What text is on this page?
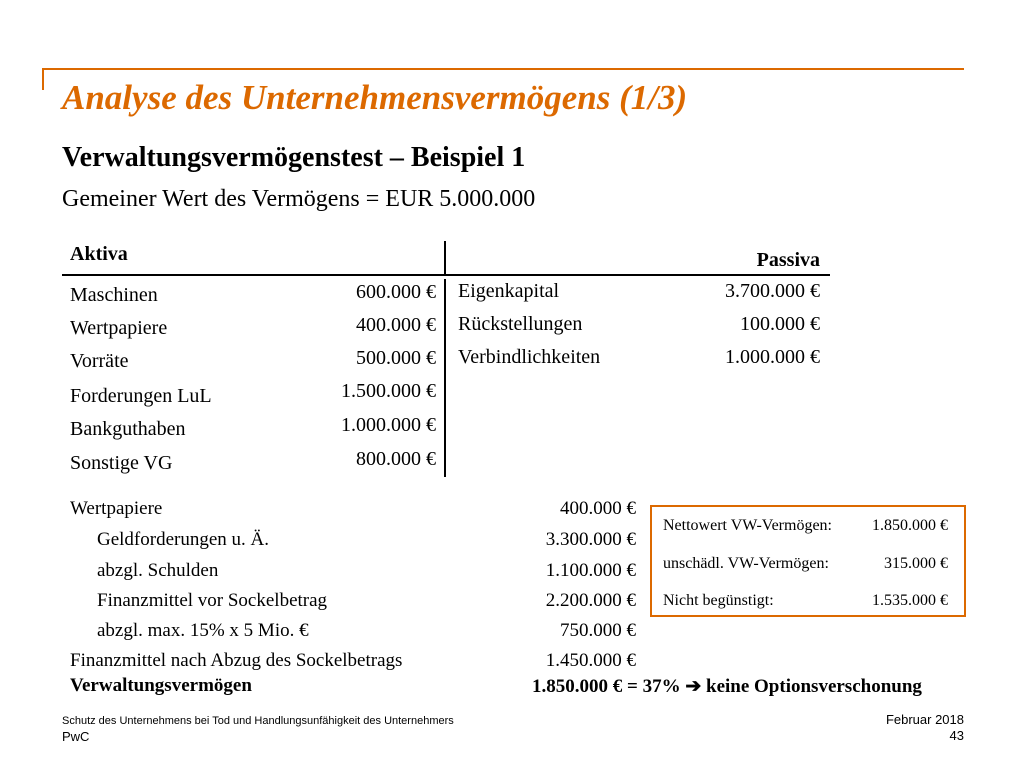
Analyse des Unternehmensvermögens (1/3)
Verwaltungsvermögenstest – Beispiel 1
Gemeiner Wert des Vermögens = EUR 5.000.000
Aktiva	Passiva
Maschinen	600.000 €
Wertpapiere	400.000 €
Vorräte	500.000 €
Forderungen LuL	1.500.000 €
Bankguthaben	1.000.000 €
Sonstige VG	800.000 €
Eigenkapital	3.700.000 €
Rückstellungen	100.000 €
Verbindlichkeiten	1.000.000 €
Wertpapiere	400.000 €
Geldforderungen u. Ä.	3.300.000 €
abzgl. Schulden	1.100.000 €
Finanzmittel vor Sockelbetrag	2.200.000 €
abzgl. max. 15% x 5 Mio. €	750.000 €
Finanzmittel nach Abzug des Sockelbetrags	1.450.000 €
Verwaltungsvermögen	1.850.000 € = 37% ➔ keine Optionsverschonung
Nettowert VW-Vermögen:	1.850.000 €
unschädl. VW-Vermögen:	315.000 €
Nicht begünstigt:	1.535.000 €
Schutz des Unternehmens bei Tod und Handlungsunfähigkeit des Unternehmers
PwC
Februar 2018
43
